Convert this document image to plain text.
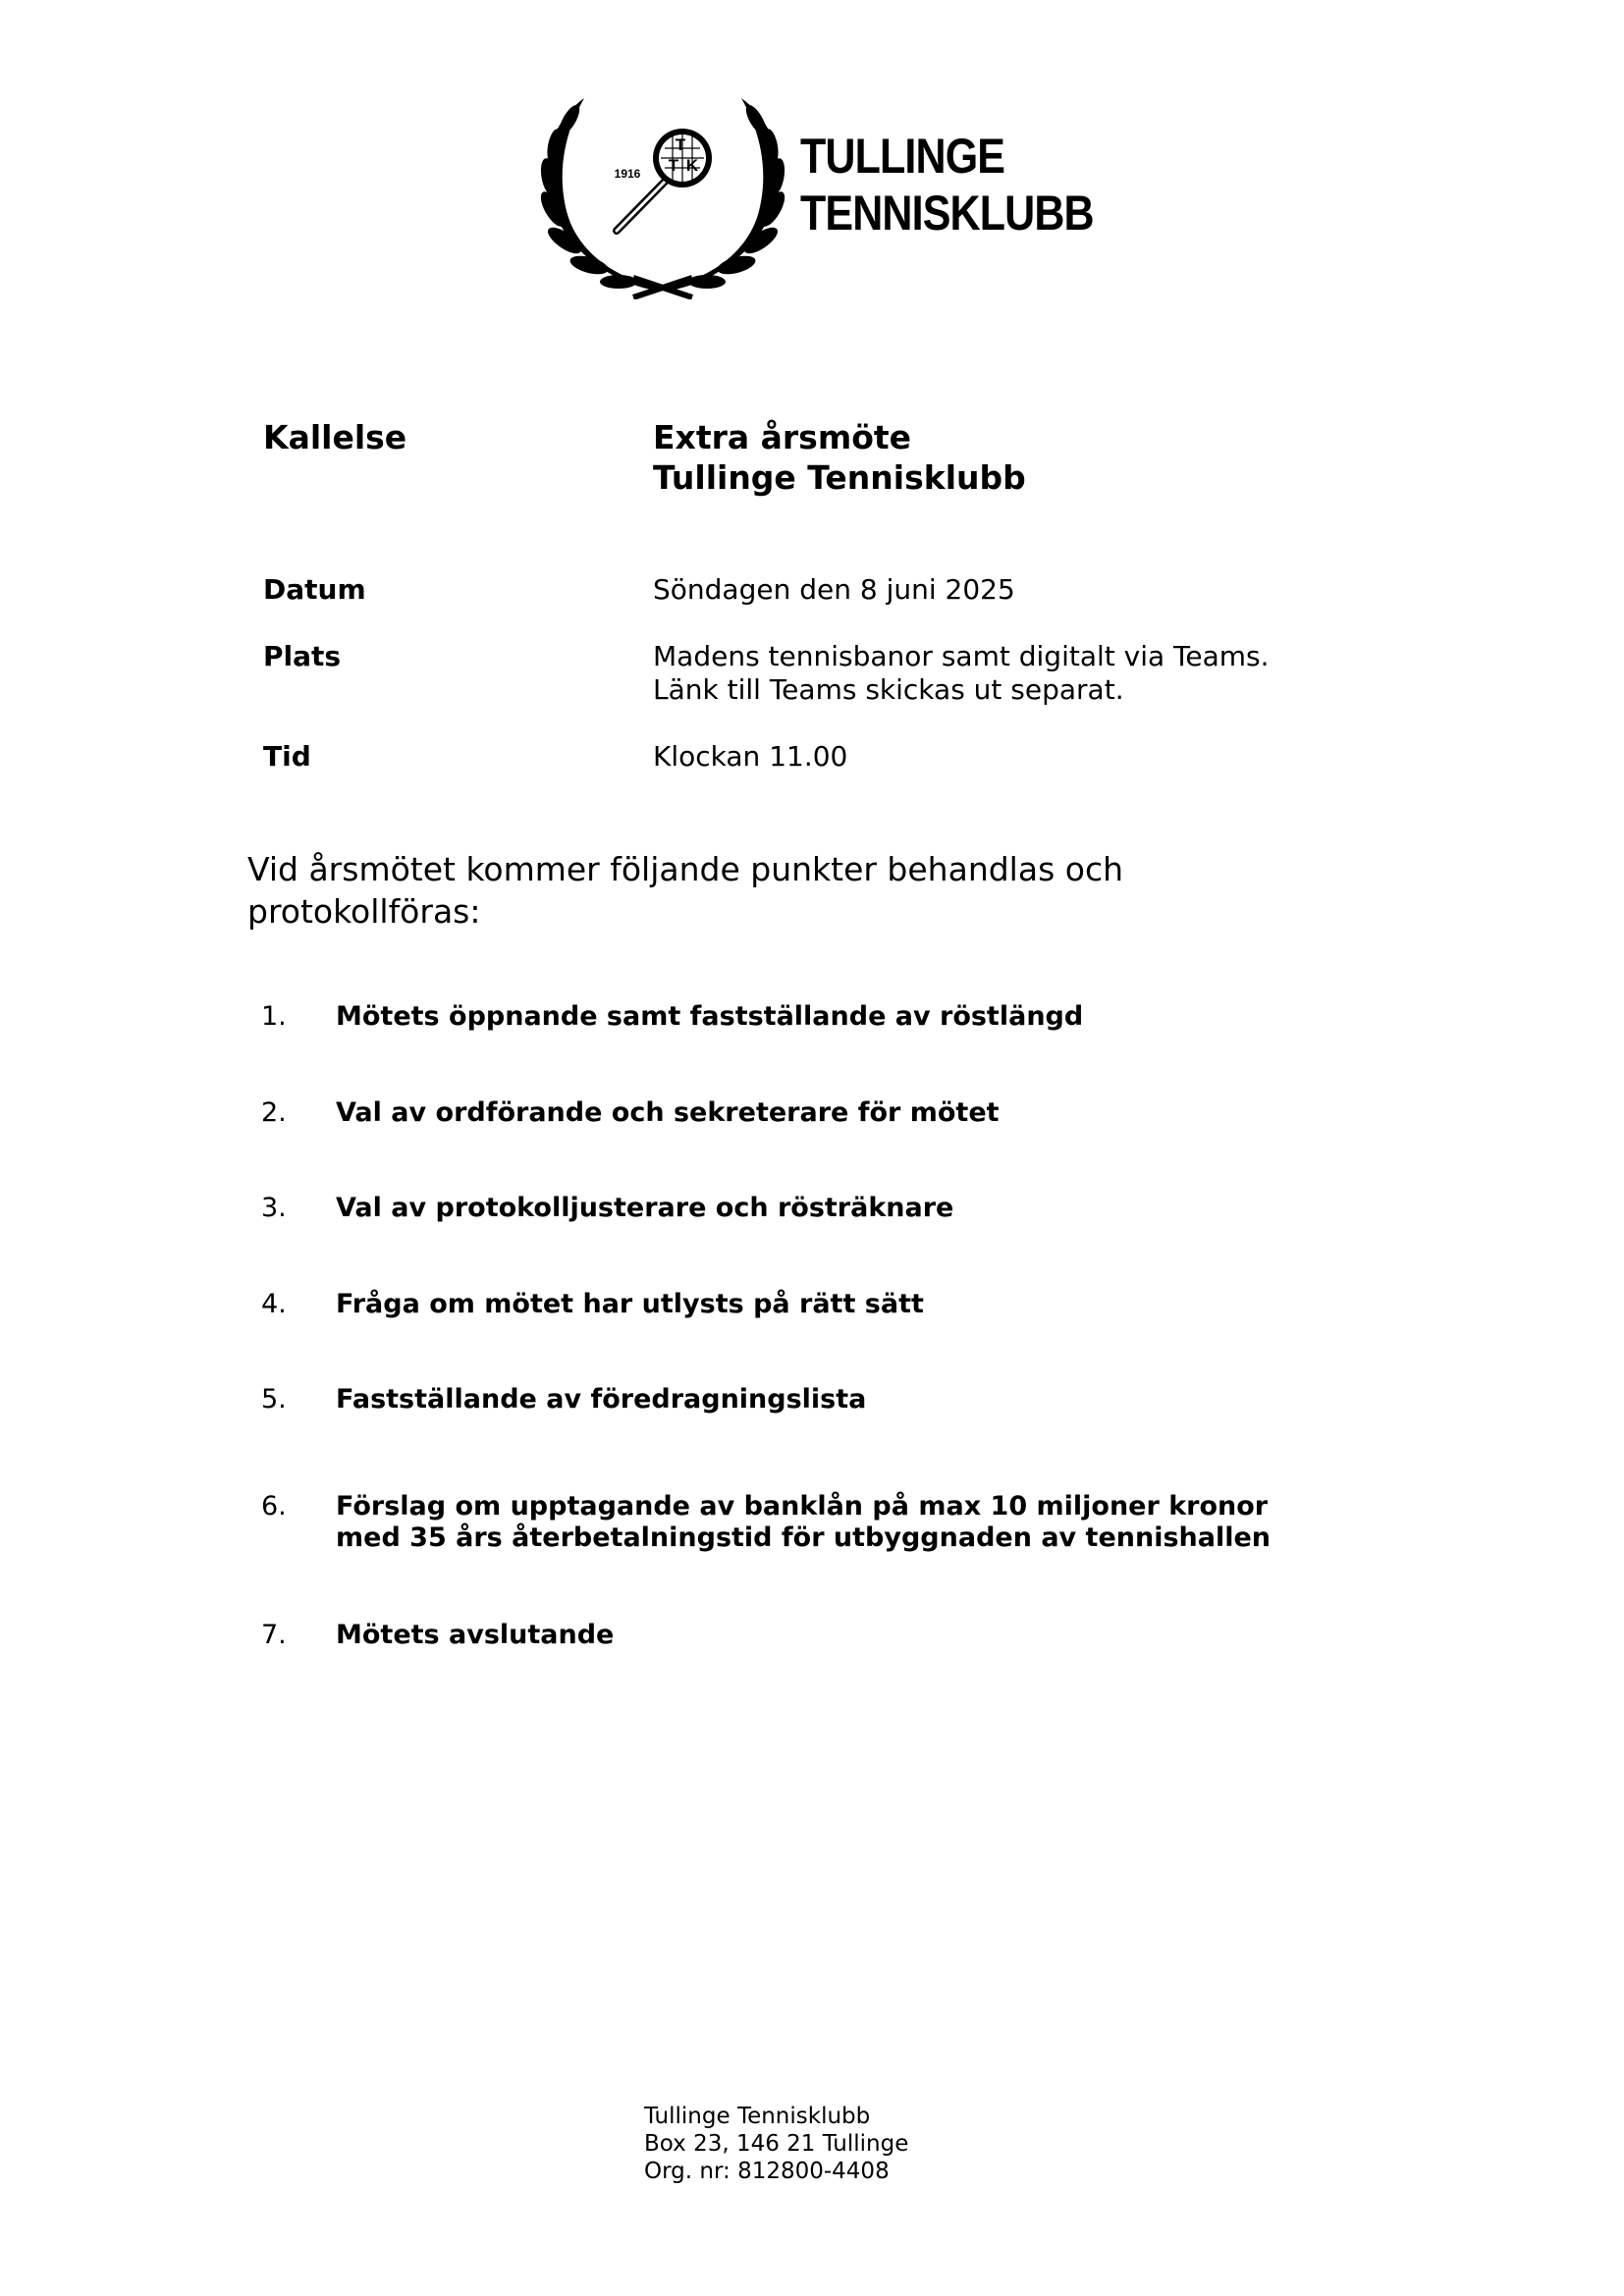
T
T K
1916	TULLINGE
TENNISKLUBB
Kallelse	Extra årsmöte
Tullinge Tennisklubb
Datum	Söndagen den 8 juni 2025
Plats	Madens tennisbanor samt digitalt via Teams.
Länk till Teams skickas ut separat.
Tid	Klockan 11.00
Vid årsmötet kommer följande punkter behandlas och
protokollföras:
1. Mötets öppnande samt fastställande av röstlängd
2. Val av ordförande och sekreterare för mötet
3. Val av protokolljusterare och rösträknare
4. Fråga om mötet har utlysts på rätt sätt
5. Fastställande av föredragningslista
6. Förslag om upptagande av banklån på max 10 miljoner kronor
med 35 års återbetalningstid för utbyggnaden av tennishallen
7. Mötets avslutande
Tullinge Tennisklubb
Box 23, 146 21 Tullinge
Org. nr: 812800-4408
